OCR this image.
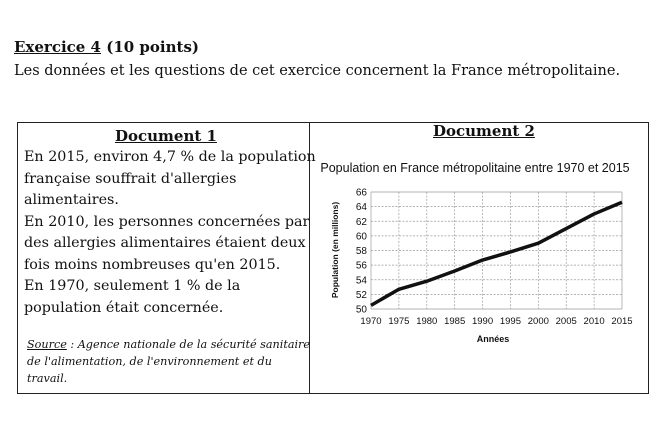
Exercice 4 (10 points)
Les données et les questions de cet exercice concernent la France métropolitaine.
Document 1
En 2015, environ 4,7 % de la population
française souffrait d'allergies
alimentaires.
En 2010, les personnes concernées par
des allergies alimentaires étaient deux
fois moins nombreuses qu'en 2015.
En 1970, seulement 1 % de la
population était concernée.
Source : Agence nationale de la sécurité sanitaire
de l'alimentation, de l'environnement et du
travail.
Document 2
Population en France métropolitaine entre 1970 et 2015
50
52
54
56
58
60
62
64
66
1970 1975 1980 1985 1990 1995 2000 2005 2010 2015
Population (en millions)
Années
